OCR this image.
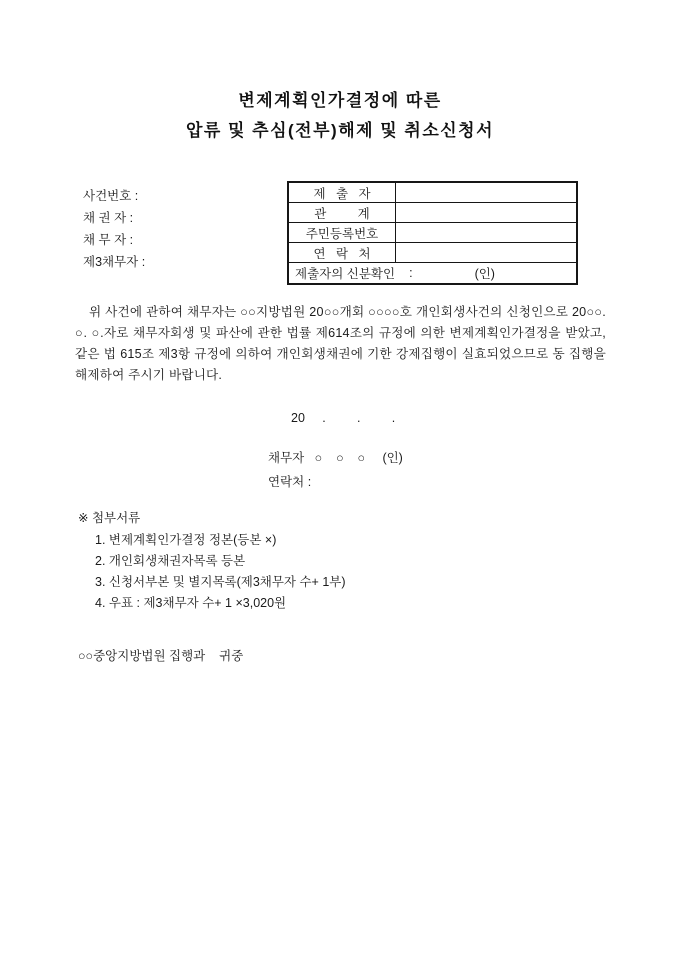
변제계획인가결정에 따른
압류 및 추심(전부)해제 및 취소신청서
사건번호 :
채 권 자 :
채 무 자 :
제3채무자 :
제   출   자
관         계
주민등록번호
연   락   처
제출자의 신분확인 :	(인)
위 사건에 관하여 채무자는 ○○지방법원 20○○개회 ○○○○호 개인회생사건의 신청인으로 20○○. ○. ○.자로 채무자회생 및 파산에 관한 법률 제614조의 규정에 의한 변제계획인가결정을 받았고, 같은 법 615조 제3항 규정에 의하여 개인회생채권에 기한 강제집행이 실효되었으므로 동 집행을 해제하여 주시기 바랍니다.
20     .         .         .
채무자   ○    ○    ○     (인)
연락처 :
※ 첨부서류
1. 변제계획인가결정 정본(등본 ×)
2. 개인회생채권자목록 등본
3. 신청서부본 및 별지목록(제3채무자 수+ 1부)
4. 우표 : 제3채무자 수+ 1 ×3,020원
○○중앙지방법원 집행과    귀중
